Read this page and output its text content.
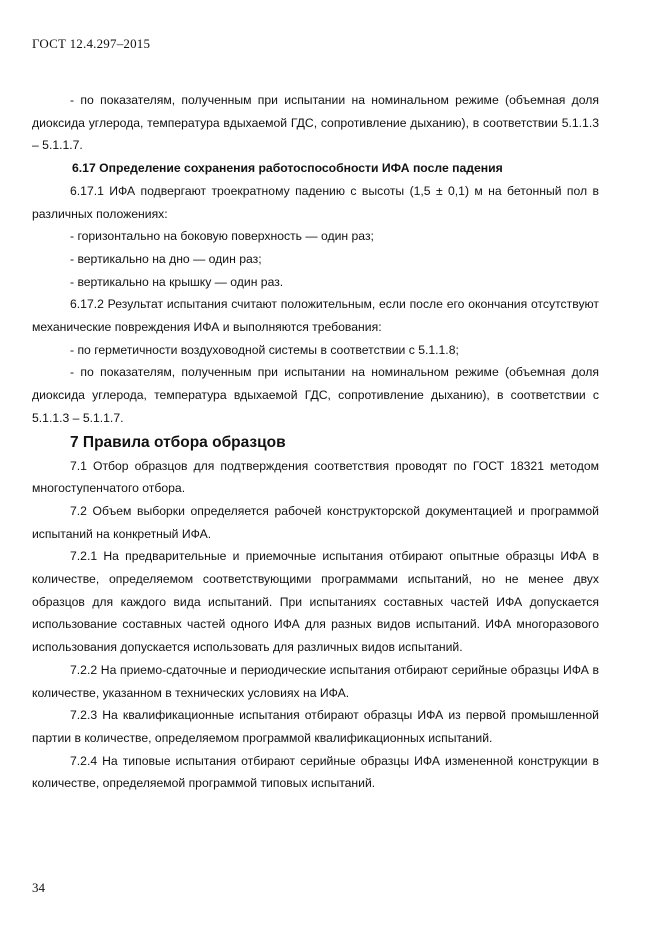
ГОСТ 12.4.297–2015

- по показателям, полученным при испытании на номинальном режиме (объемная доля диоксида углерода, температура вдыхаемой ГДС, сопротивление дыханию), в соответствии 5.1.1.3 – 5.1.1.7.

6.17 Определение сохранения работоспособности ИФА после падения

6.17.1 ИФА подвергают троекратному падению с высоты (1,5 ± 0,1) м на бетонный пол в различных положениях:

- горизонтально на боковую поверхность — один раз;

- вертикально на дно — один раз;

- вертикально на крышку — один раз.

6.17.2 Результат испытания считают положительным, если после его окончания отсутствуют механические повреждения ИФА и выполняются требования:

- по герметичности воздуховодной системы в соответствии с 5.1.1.8;

- по показателям, полученным при испытании на номинальном режиме (объемная доля диоксида углерода, температура вдыхаемой ГДС, сопротивление дыханию), в соответствии с 5.1.1.3 – 5.1.1.7.

7 Правила отбора образцов

7.1 Отбор образцов для подтверждения соответствия проводят по ГОСТ 18321 методом многоступенчатого отбора.

7.2 Объем выборки определяется рабочей конструкторской документацией и программой испытаний на конкретный ИФА.

7.2.1 На предварительные и приемочные испытания отбирают опытные образцы ИФА в количестве, определяемом соответствующими программами испытаний, но не менее двух образцов для каждого вида испытаний. При испытаниях составных частей ИФА допускается использование составных частей одного ИФА для разных видов испытаний. ИФА многоразового использования допускается использовать для различных видов испытаний.

7.2.2 На приемо-сдаточные и периодические испытания отбирают серийные образцы ИФА в количестве, указанном в технических условиях на ИФА.

7.2.3 На квалификационные испытания отбирают образцы ИФА из первой промышленной партии в количестве, определяемом программой квалификационных испытаний.

7.2.4 На типовые испытания отбирают серийные образцы ИФА измененной конструкции в количестве, определяемой программой типовых испытаний.

34
